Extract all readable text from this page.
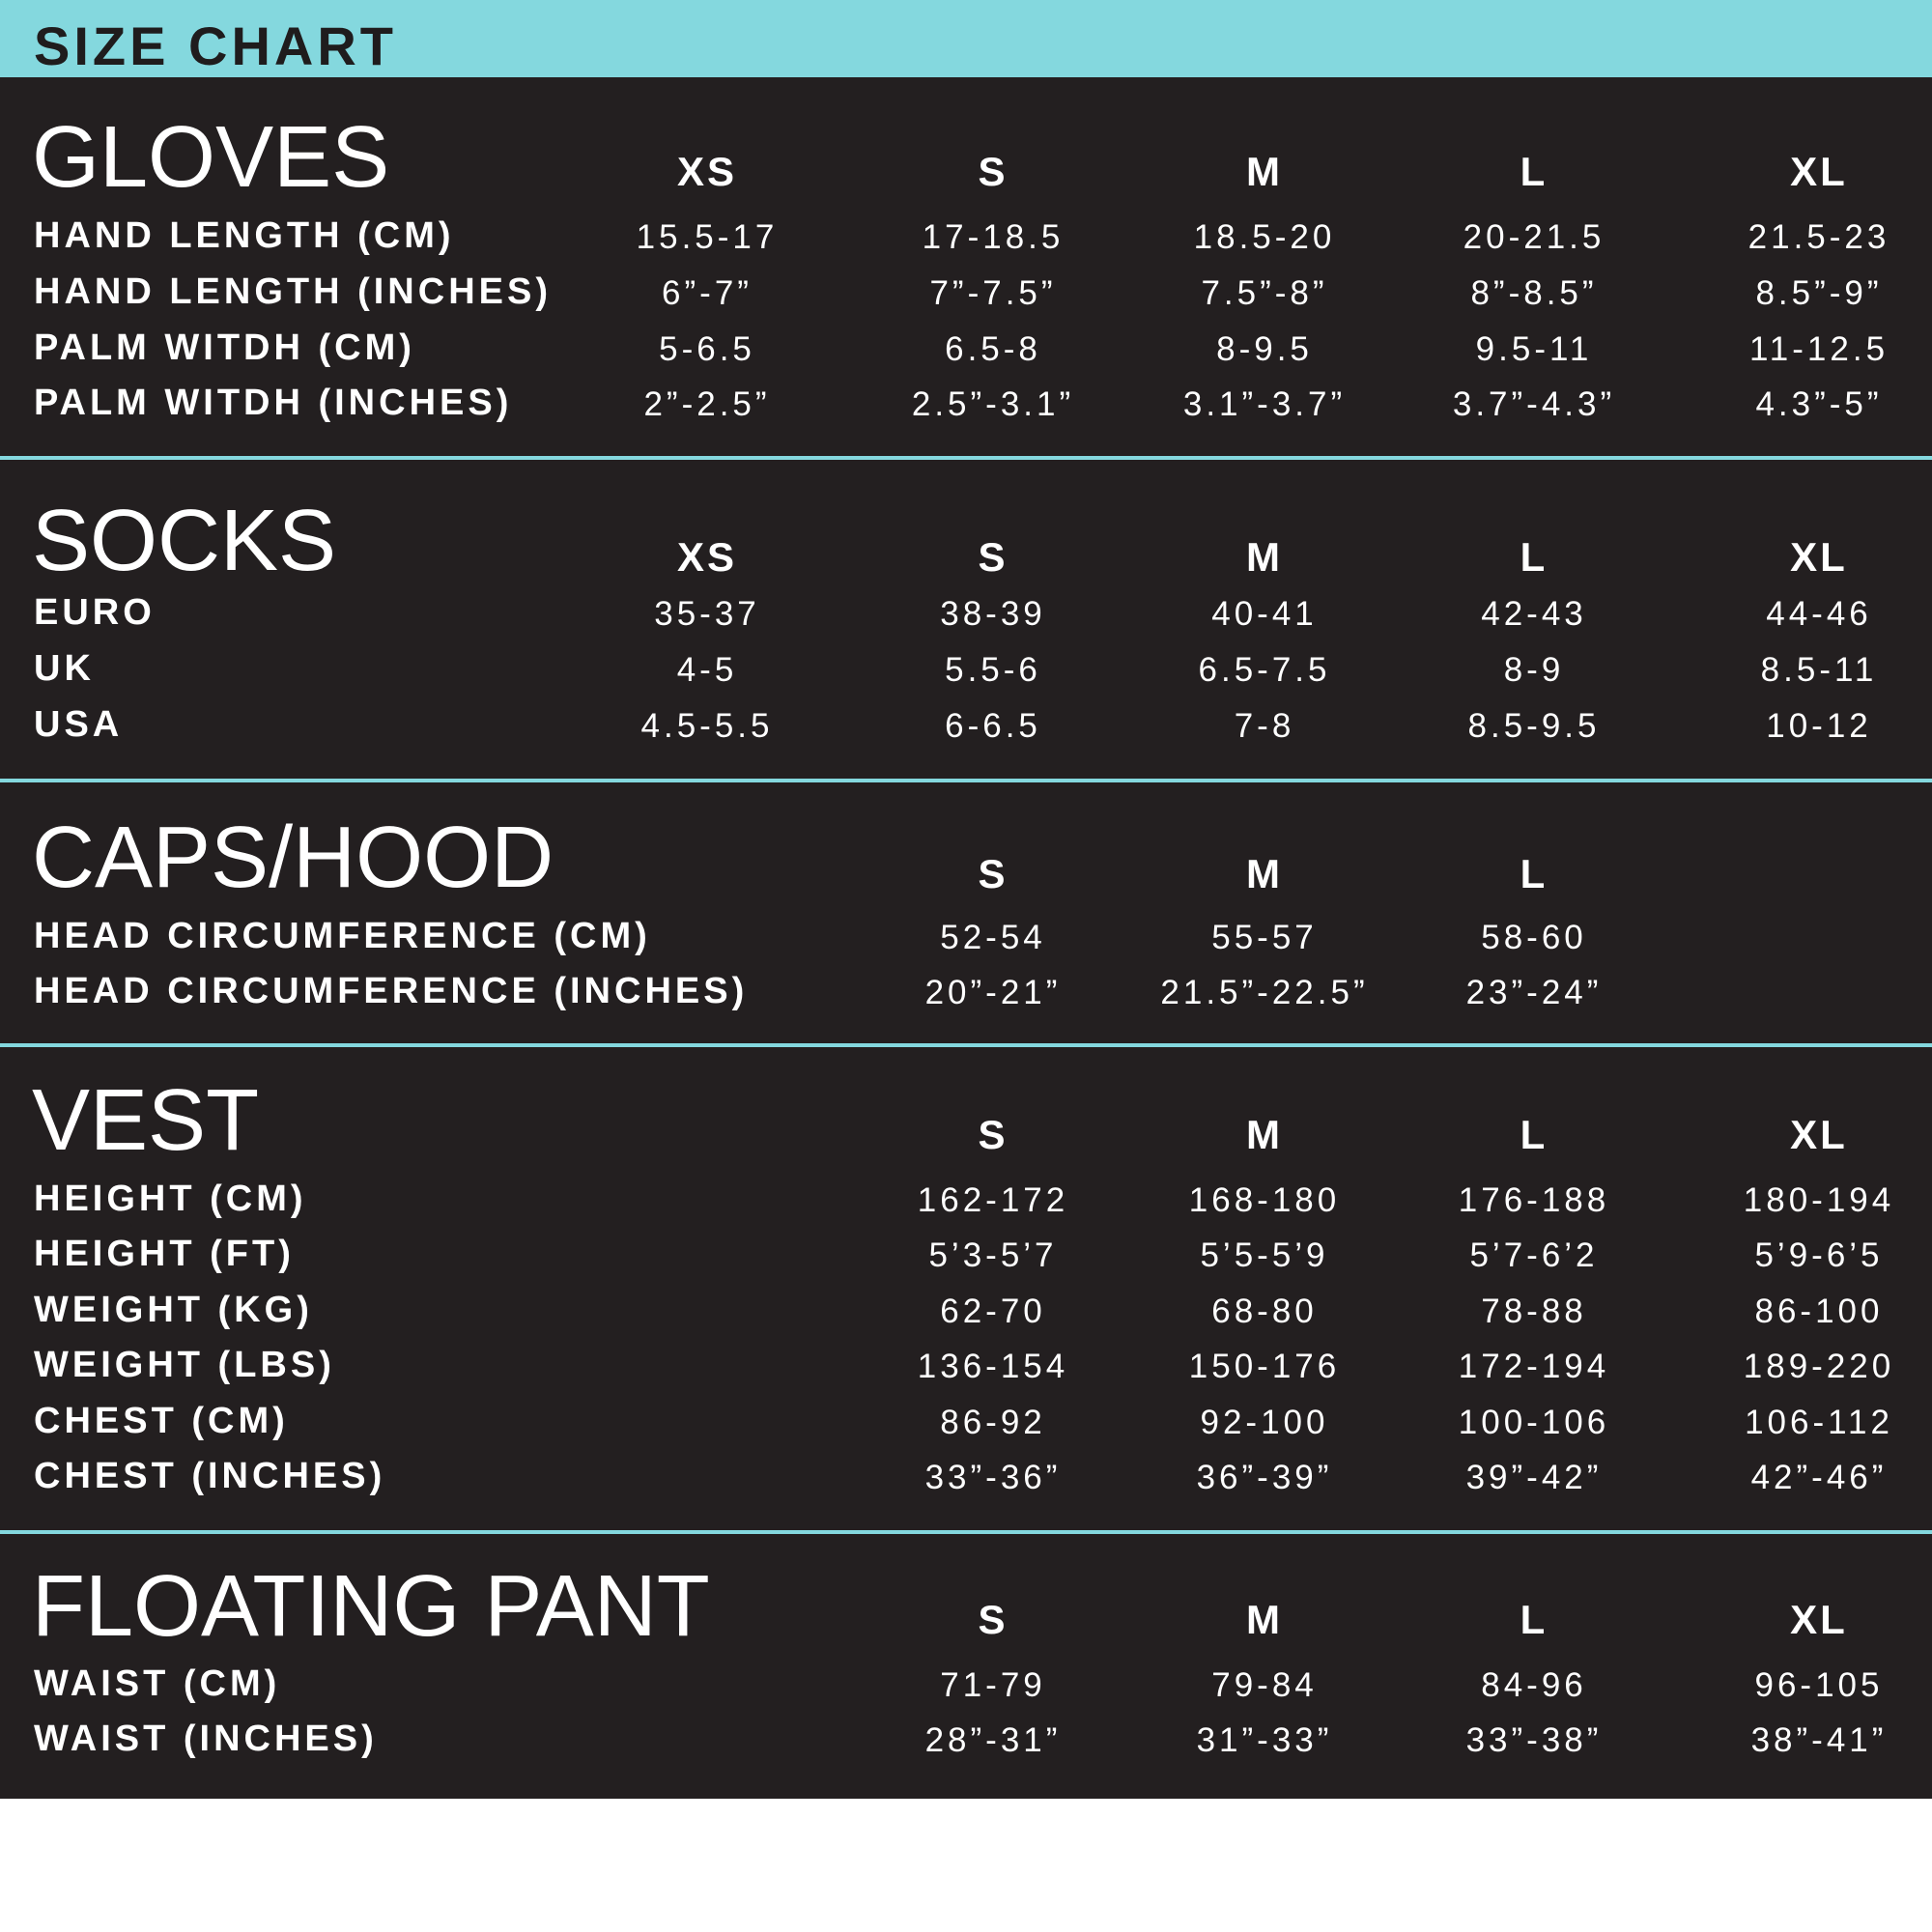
SIZE CHART
GLOVES	XS	S	M	L	XL
HAND LENGTH (CM)	15.5-17	17-18.5	18.5-20	20-21.5	21.5-23
HAND LENGTH (INCHES)	6”-7”	7”-7.5”	7.5”-8”	8”-8.5”	8.5”-9”
PALM WITDH (CM)	5-6.5	6.5-8	8-9.5	9.5-11	11-12.5
PALM WITDH (INCHES)	2”-2.5”	2.5”-3.1”	3.1”-3.7”	3.7”-4.3”	4.3”-5”
SOCKS	XS	S	M	L	XL
EURO	35-37	38-39	40-41	42-43	44-46
UK	4-5	5.5-6	6.5-7.5	8-9	8.5-11
USA	4.5-5.5	6-6.5	7-8	8.5-9.5	10-12
CAPS/HOOD	S	M	L
HEAD CIRCUMFERENCE (CM)	52-54	55-57	58-60
HEAD CIRCUMFERENCE (INCHES)	20”-21”	21.5”-22.5”	23”-24”
VEST	S	M	L	XL
HEIGHT (CM)	162-172	168-180	176-188	180-194
HEIGHT (FT)	5’3-5’7	5’5-5’9	5’7-6’2	5’9-6’5
WEIGHT (KG)	62-70	68-80	78-88	86-100
WEIGHT (LBS)	136-154	150-176	172-194	189-220
CHEST (CM)	86-92	92-100	100-106	106-112
CHEST (INCHES)	33”-36”	36”-39”	39”-42”	42”-46”
FLOATING PANT	S	M	L	XL
WAIST (CM)	71-79	79-84	84-96	96-105
WAIST (INCHES)	28”-31”	31”-33”	33”-38”	38”-41”
